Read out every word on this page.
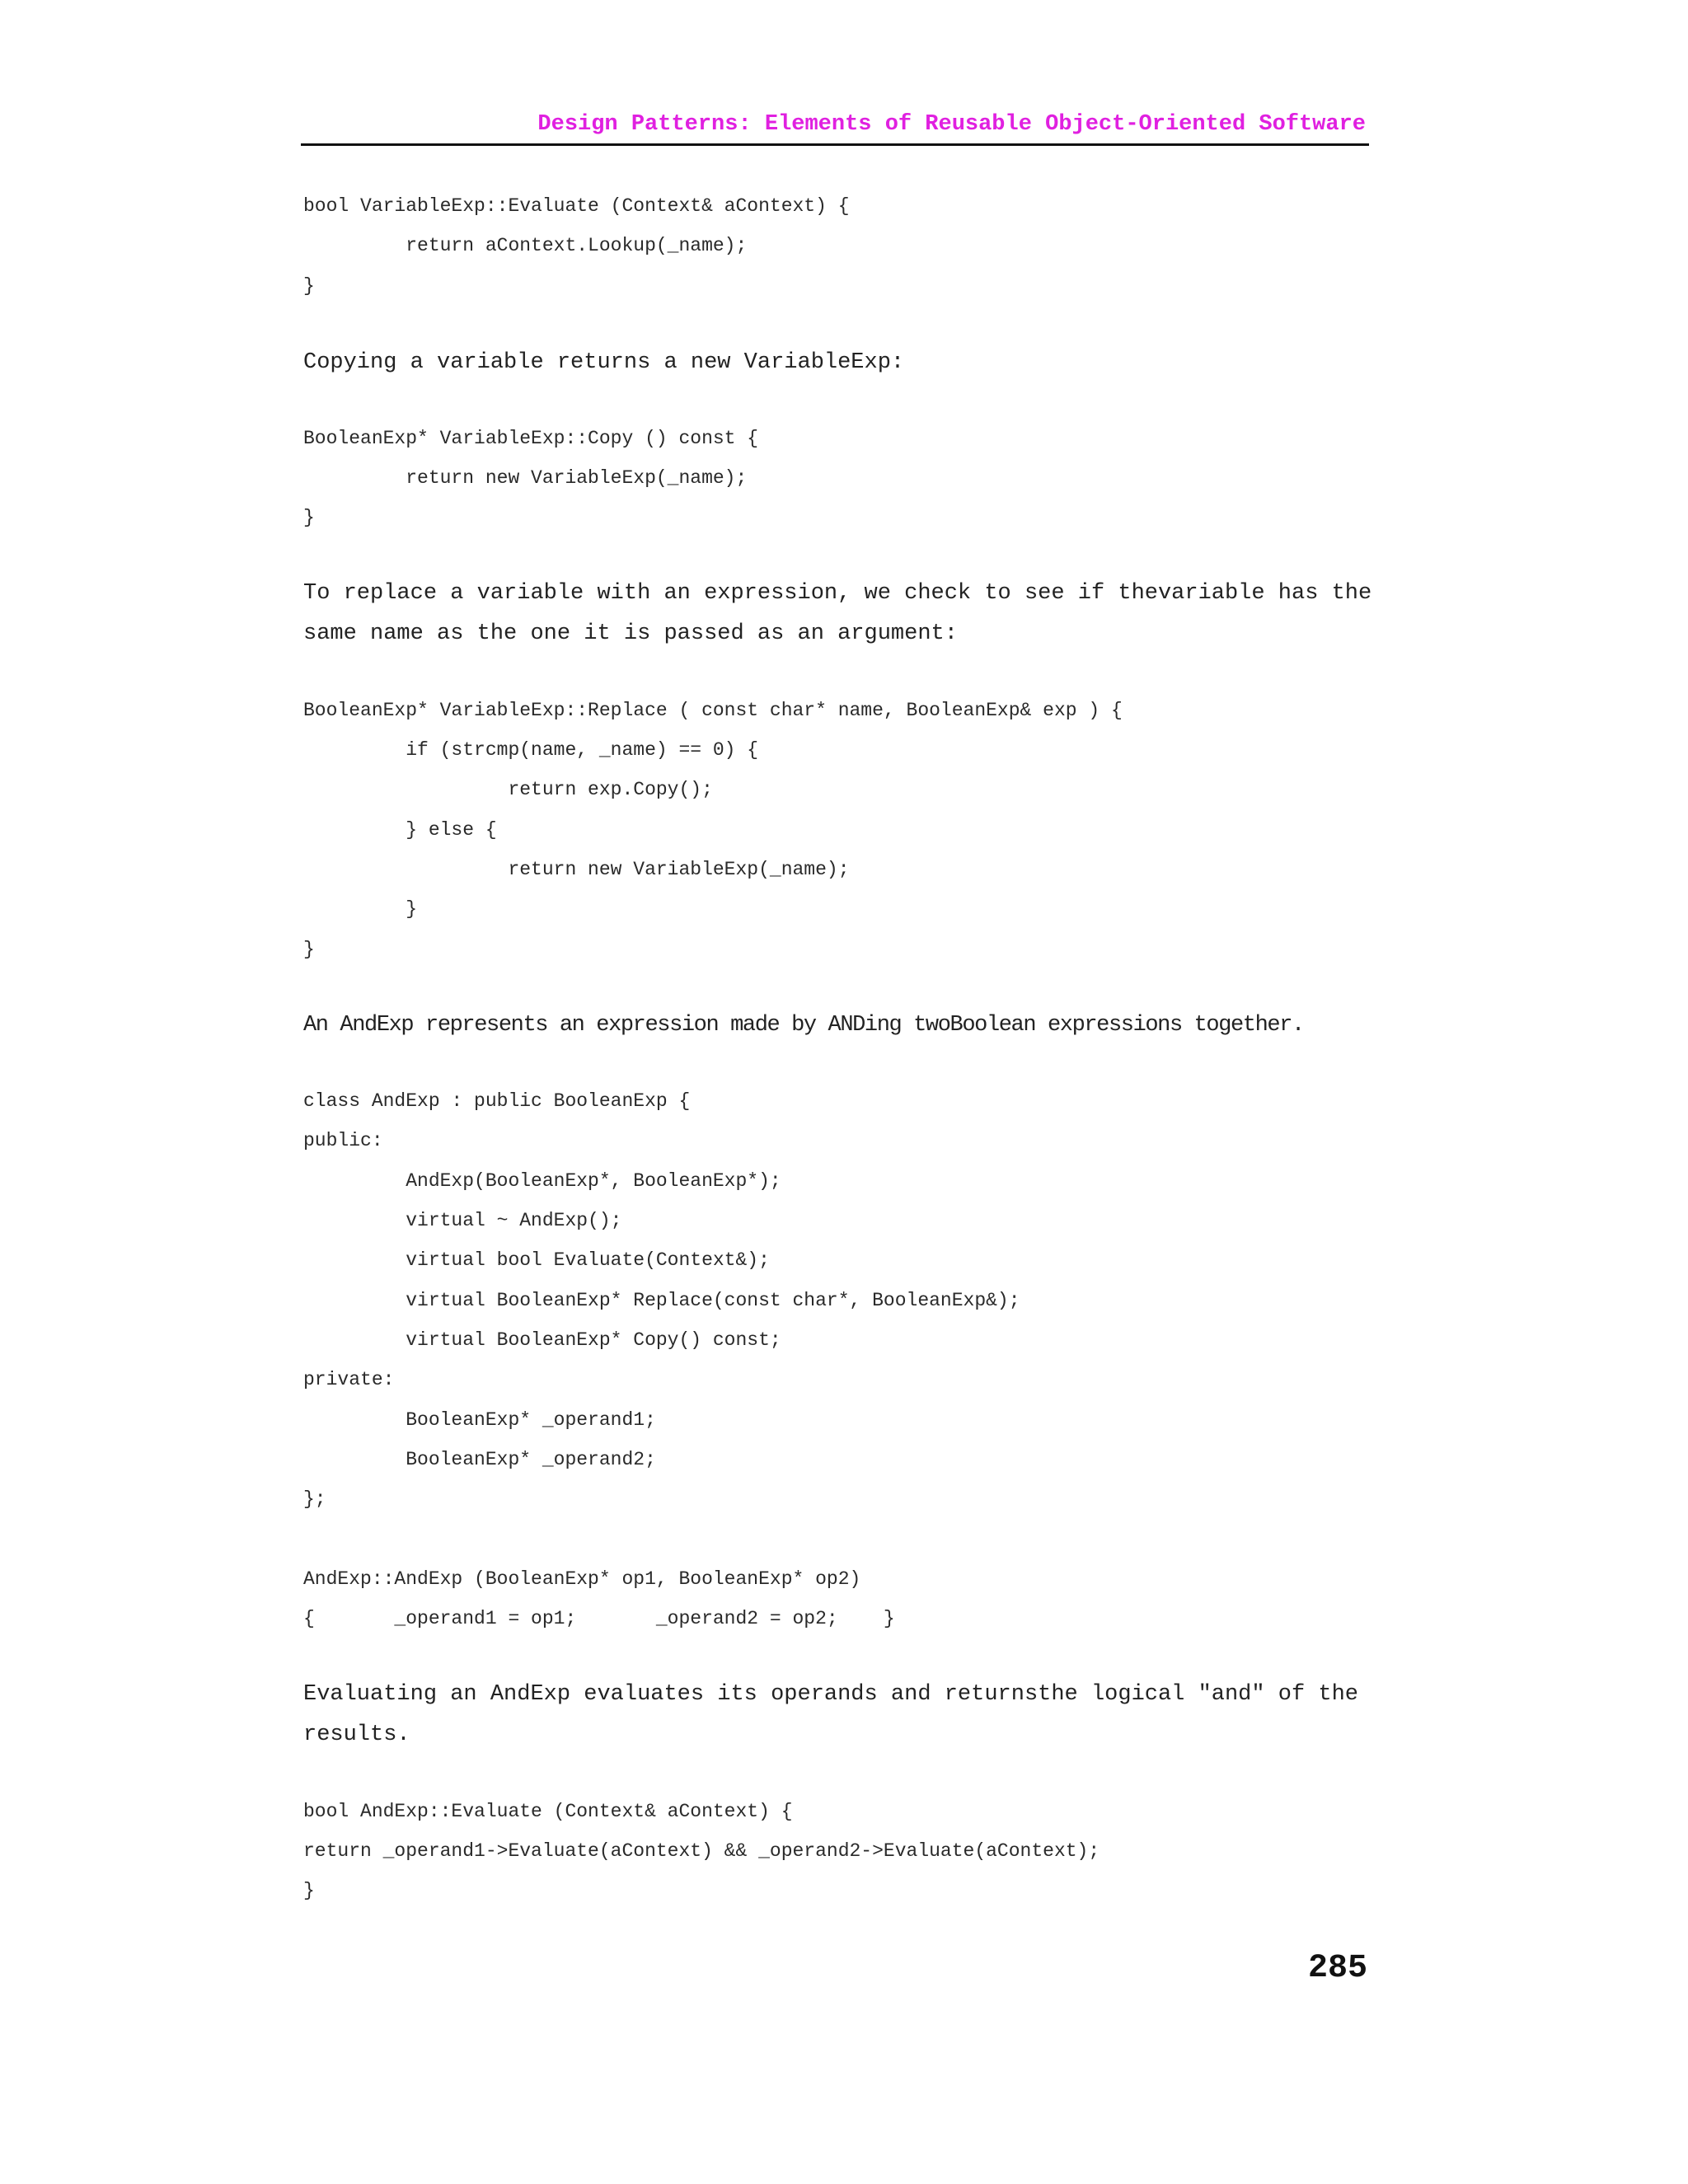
Design Patterns: Elements of Reusable Object-Oriented Software
bool VariableExp::Evaluate (Context& aContext) {
return aContext.Lookup(_name);
}
Copying a variable returns a new VariableExp:
BooleanExp* VariableExp::Copy () const {
return new VariableExp(_name);
}
To replace a variable with an expression, we check to see if thevariable has the
same name as the one it is passed as an argument:
BooleanExp* VariableExp::Replace ( const char* name, BooleanExp& exp ) {
if (strcmp(name, _name) == 0) {
return exp.Copy();
} else {
return new VariableExp(_name);
}
}
An AndExp represents an expression made by ANDing twoBoolean expressions together.
class AndExp : public BooleanExp {
public:
AndExp(BooleanExp*, BooleanExp*);
virtual ~ AndExp();
virtual bool Evaluate(Context&);
virtual BooleanExp* Replace(const char*, BooleanExp&);
virtual BooleanExp* Copy() const;
private:
BooleanExp* _operand1;
BooleanExp* _operand2;
};
AndExp::AndExp (BooleanExp* op1, BooleanExp* op2)
{       _operand1 = op1;       _operand2 = op2;    }
Evaluating an AndExp evaluates its operands and returnsthe logical "and" of the
results.
bool AndExp::Evaluate (Context& aContext) {
return _operand1->Evaluate(aContext) && _operand2->Evaluate(aContext);
}
285
